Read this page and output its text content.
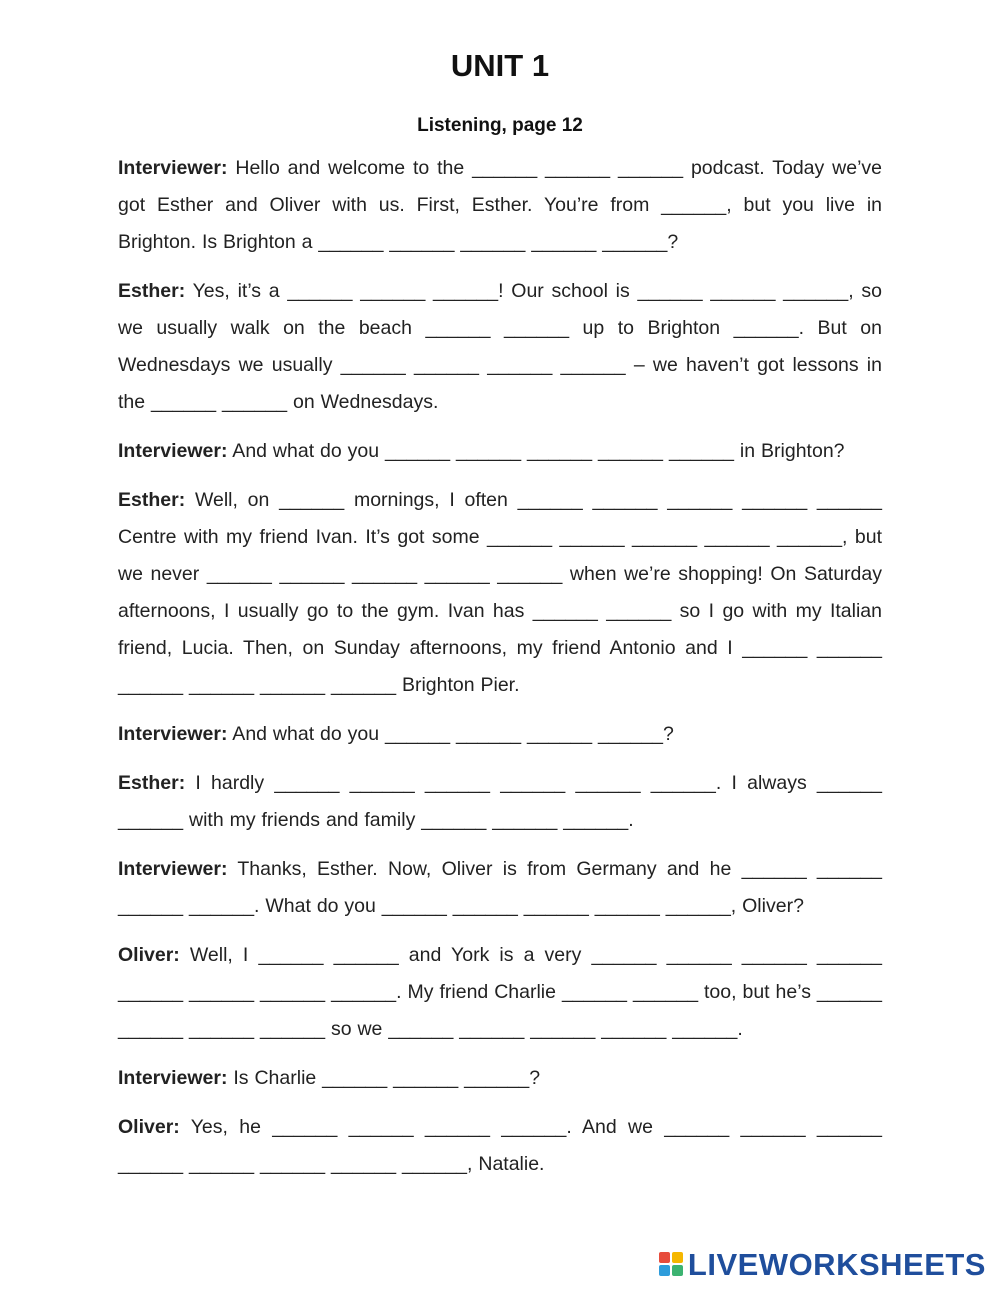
UNIT 1
Listening, page 12

Interviewer: Hello and welcome to the ______ ______ ______ podcast. Today we’ve got Esther and Oliver with us. First, Esther. You’re from ______, but you live in Brighton. Is Brighton a ______ ______ ______ ______ ______?

Esther: Yes, it’s a ______ ______ ______! Our school is ______ ______ ______, so we usually walk on the beach ______ ______ up to Brighton ______. But on Wednesdays we usually ______ ______ ______ ______ – we haven’t got lessons in the ______ ______ on Wednesdays.

Interviewer: And what do you ______ ______ ______ ______ ______ in Brighton?

Esther: Well, on ______ mornings, I often ______ ______ ______ ______ ______ Centre with my friend Ivan. It’s got some ______ ______ ______ ______ ______, but we never ______ ______ ______ ______ ______ when we’re shopping! On Saturday afternoons, I usually go to the gym. Ivan has ______ ______ so I go with my Italian friend, Lucia. Then, on Sunday afternoons, my friend Antonio and I ______ ______ ______ ______ ______ ______ Brighton Pier.

Interviewer: And what do you ______ ______ ______ ______?

Esther: I hardly ______ ______ ______ ______ ______ ______. I always ______ ______ with my friends and family ______ ______ ______.

Interviewer: Thanks, Esther. Now, Oliver is from Germany and he ______ ______ ______ ______. What do you ______ ______ ______ ______ ______, Oliver?

Oliver: Well, I ______ ______ and York is a very ______ ______ ______ ______ ______ ______ ______ ______. My friend Charlie ______ ______ too, but he’s ______ ______ ______ ______ so we ______ ______ ______ ______ ______.

Interviewer: Is Charlie ______ ______ ______?

Oliver: Yes, he ______ ______ ______ ______. And we ______ ______ ______ ______ ______ ______ ______ ______, Natalie.

LIVEWORKSHEETS
